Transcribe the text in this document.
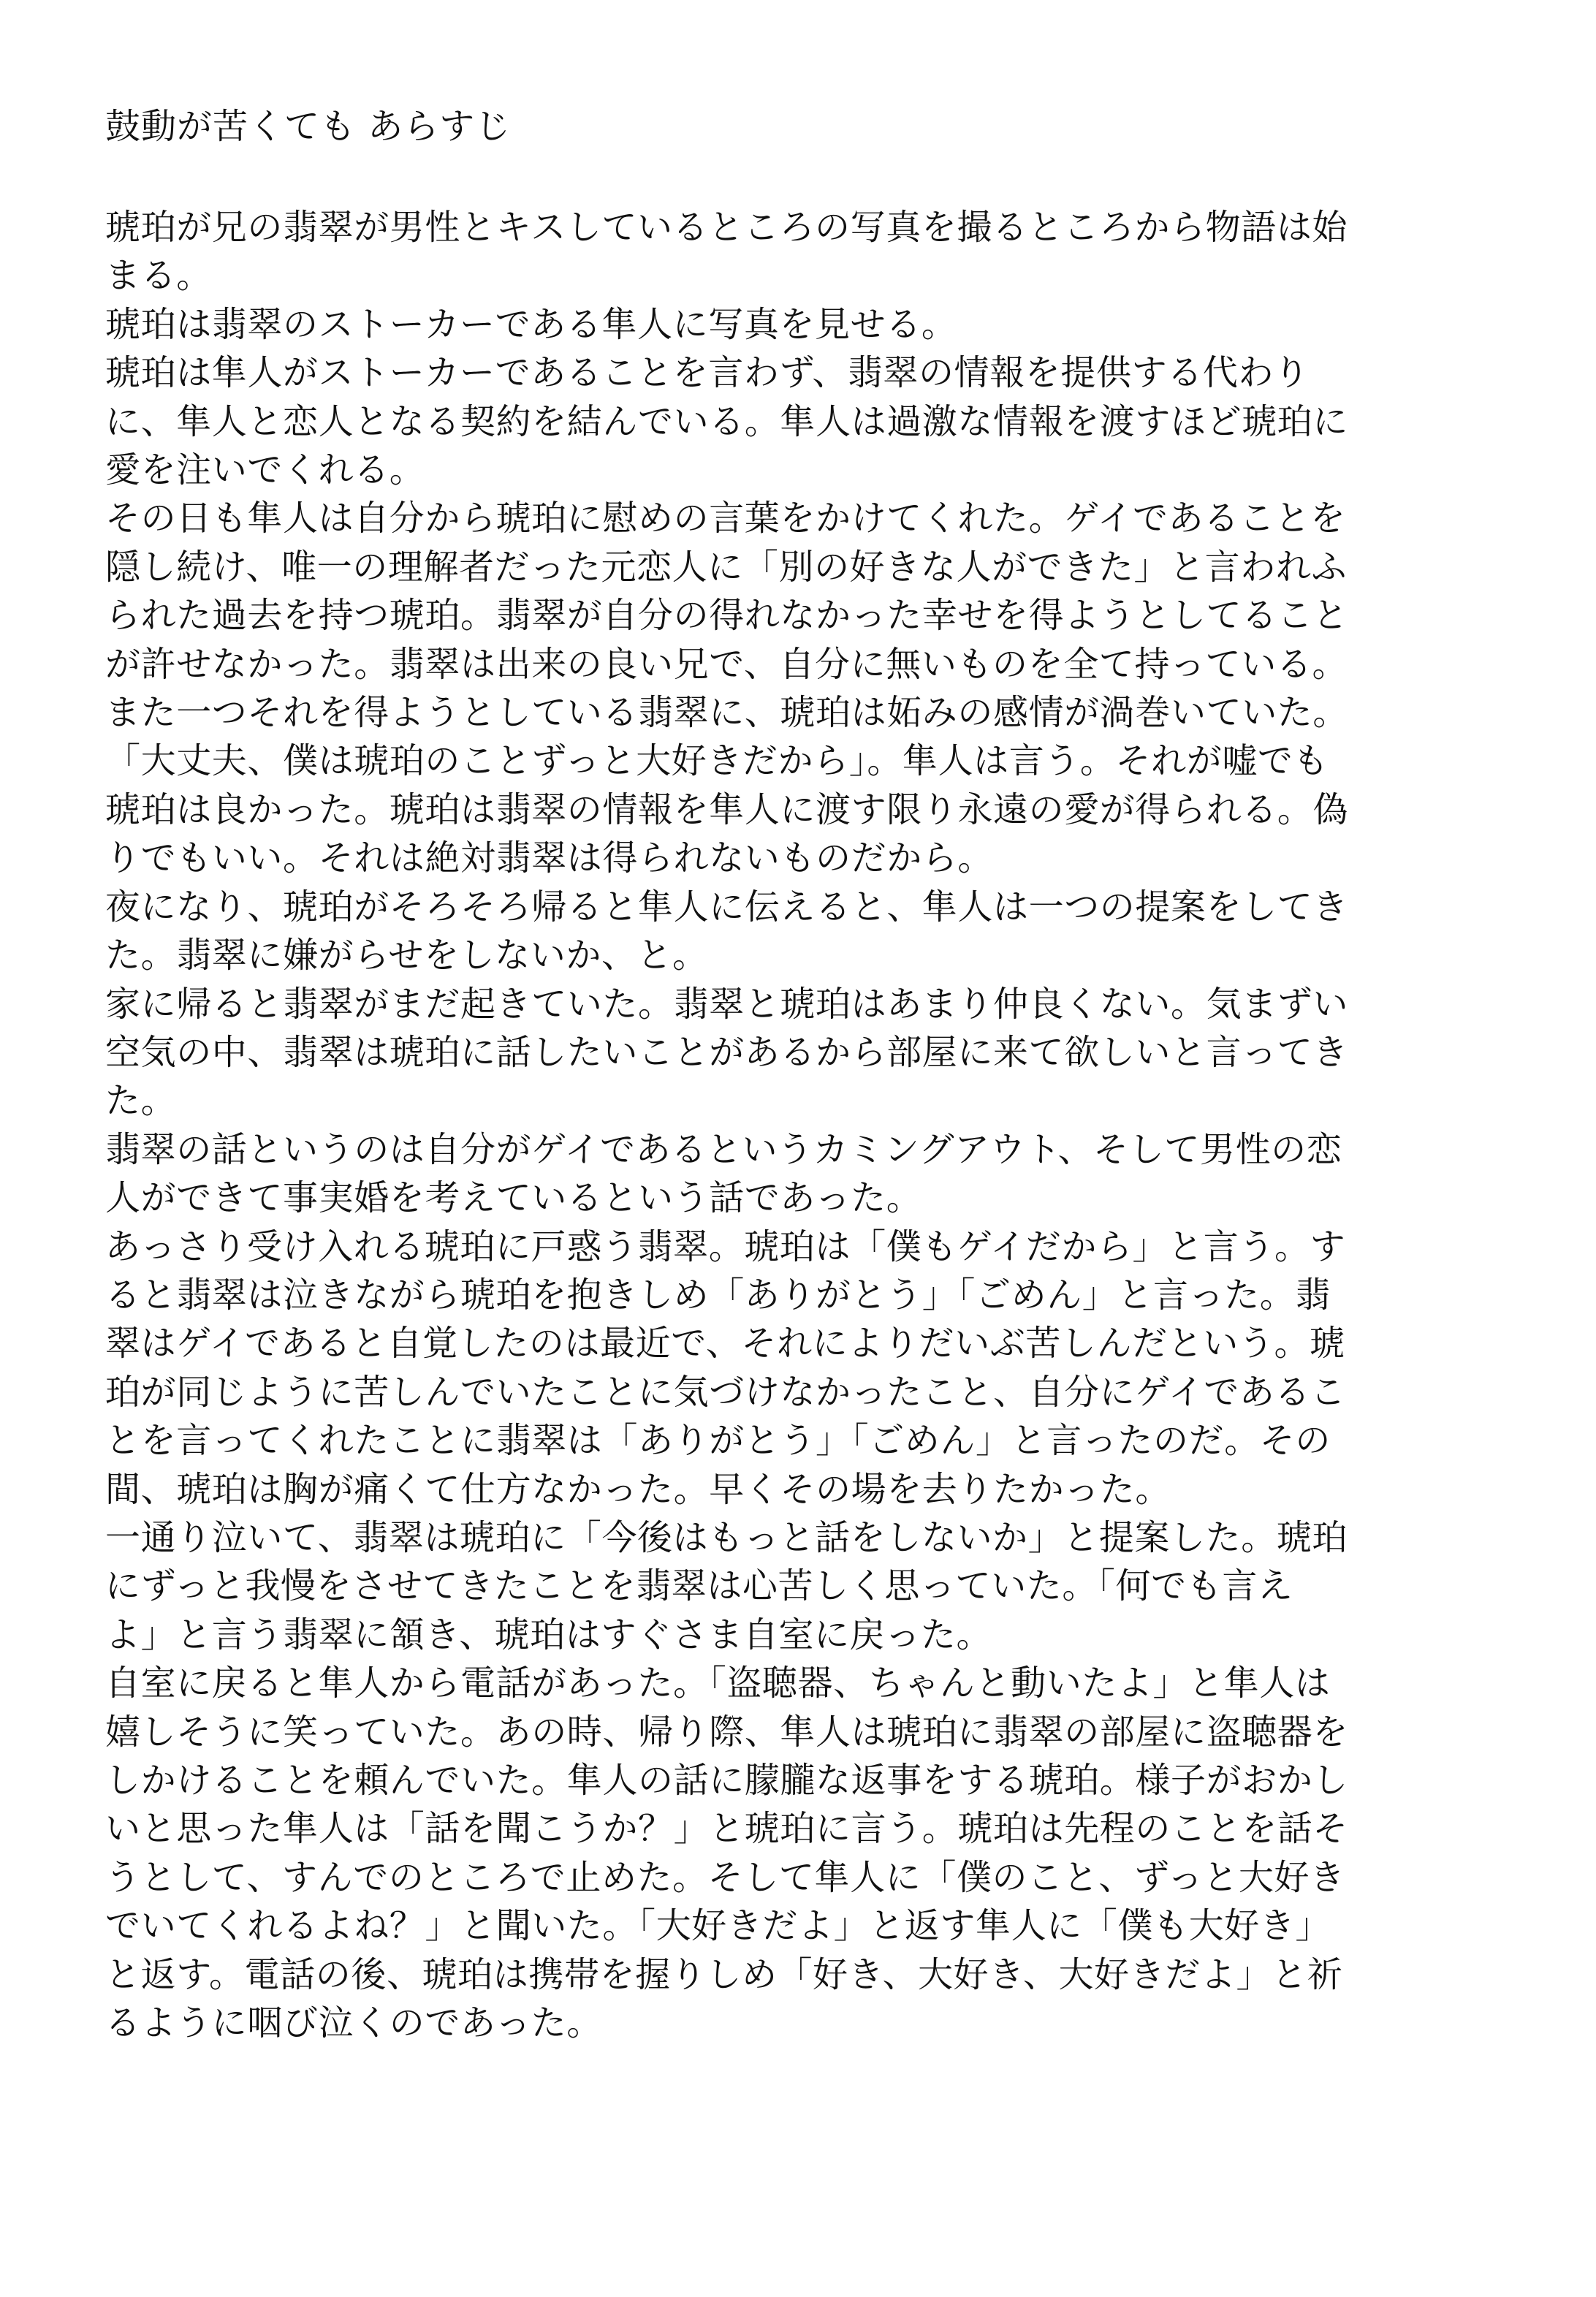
鼓動が苦くても あらすじ
琥珀が兄の翡翠が男性とキスしているところの写真を撮るところから物語は始
まる。
琥珀は翡翠のストーカーである隼人に写真を見せる。
琥珀は隼人がストーカーであることを言わず、翡翠の情報を提供する代わり
に、隼人と恋人となる契約を結んでいる。隼人は過激な情報を渡すほど琥珀に
愛を注いでくれる。
その日も隼人は自分から琥珀に慰めの言葉をかけてくれた。ゲイであることを
隠し続け、唯一の理解者だった元恋人に「別の好きな人ができた」と言われふ
られた過去を持つ琥珀。翡翠が自分の得れなかった幸せを得ようとしてること
が許せなかった。翡翠は出来の良い兄で、自分に無いものを全て持っている。
また一つそれを得ようとしている翡翠に、琥珀は妬みの感情が渦巻いていた。
「大丈夫、僕は琥珀のことずっと大好きだから」。隼人は言う。それが嘘でも
琥珀は良かった。琥珀は翡翠の情報を隼人に渡す限り永遠の愛が得られる。偽
りでもいい。それは絶対翡翠は得られないものだから。
夜になり、琥珀がそろそろ帰ると隼人に伝えると、隼人は一つの提案をしてき
た。翡翠に嫌がらせをしないか、と。
家に帰ると翡翠がまだ起きていた。翡翠と琥珀はあまり仲良くない。気まずい
空気の中、翡翠は琥珀に話したいことがあるから部屋に来て欲しいと言ってき
た。
翡翠の話というのは自分がゲイであるというカミングアウト、そして男性の恋
人ができて事実婚を考えているという話であった。
あっさり受け入れる琥珀に戸惑う翡翠。琥珀は「僕もゲイだから」と言う。す
ると翡翠は泣きながら琥珀を抱きしめ「ありがとう」「ごめん」と言った。翡
翠はゲイであると自覚したのは最近で、それによりだいぶ苦しんだという。琥
珀が同じように苦しんでいたことに気づけなかったこと、自分にゲイであるこ
とを言ってくれたことに翡翠は「ありがとう」「ごめん」と言ったのだ。その
間、琥珀は胸が痛くて仕方なかった。早くその場を去りたかった。
一通り泣いて、翡翠は琥珀に「今後はもっと話をしないか」と提案した。琥珀
にずっと我慢をさせてきたことを翡翠は心苦しく思っていた。「何でも言え
よ」と言う翡翠に頷き、琥珀はすぐさま自室に戻った。
自室に戻ると隼人から電話があった。「盗聴器、ちゃんと動いたよ」と隼人は
嬉しそうに笑っていた。あの時、帰り際、隼人は琥珀に翡翠の部屋に盗聴器を
しかけることを頼んでいた。隼人の話に朦朧な返事をする琥珀。様子がおかし
いと思った隼人は「話を聞こうか？」と琥珀に言う。琥珀は先程のことを話そ
うとして、すんでのところで止めた。そして隼人に「僕のこと、ずっと大好き
でいてくれるよね？」と聞いた。「大好きだよ」と返す隼人に「僕も大好き」
と返す。電話の後、琥珀は携帯を握りしめ「好き、大好き、大好きだよ」と祈
るように咽び泣くのであった。
